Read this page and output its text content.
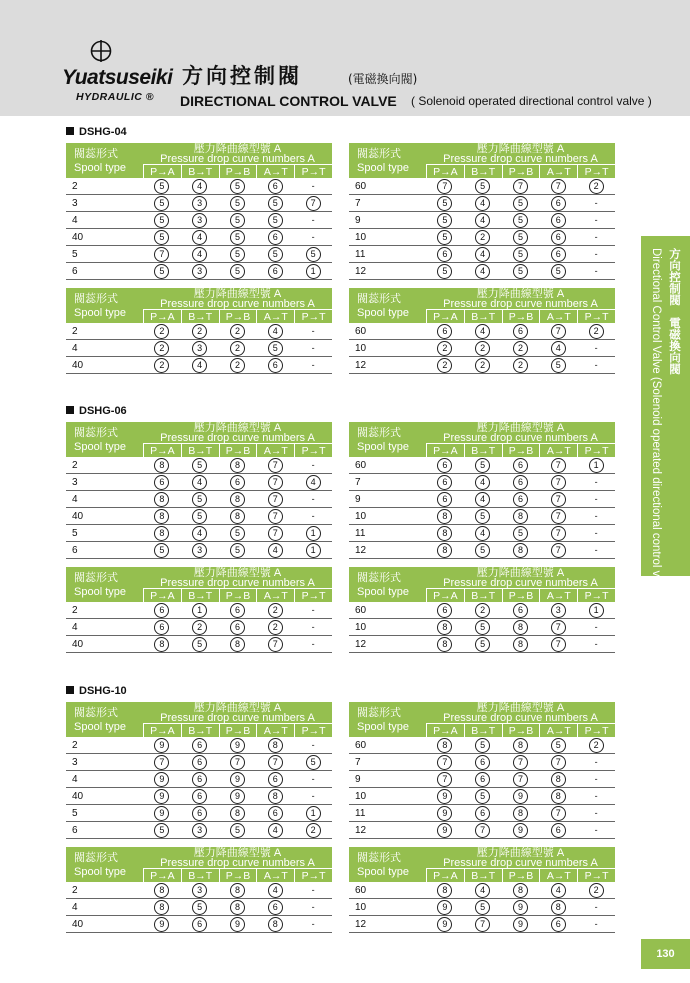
Yuatsuseiki
HYDRAULIC ®
方向控制閥	(電磁換向閥)
DIRECTIONAL CONTROL VALVE ( Solenoid operated directional control valve )
DSHG-04
閥蕊形式
Spool type
壓力降曲線型號 A
Pressure drop curve numbers A
P→A	B→T	P→B	A→T	P→T
2	5	4	5	6	-
3	5	3	5	5	7
4	5	3	5	5	-
40	5	4	5	6	-
5	7	4	5	5	5
6	5	3	5	6	1
閥蕊形式
Spool type
壓力降曲線型號 A
Pressure drop curve numbers A
P→A	B→T	P→B	A→T	P→T
60	7	5	7	7	2
7	5	4	5	6	-
9	5	4	5	6	-
10	5	2	5	6	-
11	6	4	5	6	-
12	5	4	5	5	-
閥蕊形式
Spool type
壓力降曲線型號 A
Pressure drop curve numbers A
P→A	B→T	P→B	A→T	P→T
2	2	2	2	4	-
4	2	3	2	5	-
40	2	4	2	6	-
閥蕊形式
Spool type
壓力降曲線型號 A
Pressure drop curve numbers A
P→A	B→T	P→B	A→T	P→T
60	6	4	6	7	2
10	2	2	2	4	-
12	2	2	2	5	-
DSHG-06
閥蕊形式
Spool type
壓力降曲線型號 A
Pressure drop curve numbers A
P→A	B→T	P→B	A→T	P→T
2	8	5	8	7	-
3	6	4	6	7	4
4	8	5	8	7	-
40	8	5	8	7	-
5	8	4	5	7	1
6	5	3	5	4	1
閥蕊形式
Spool type
壓力降曲線型號 A
Pressure drop curve numbers A
P→A	B→T	P→B	A→T	P→T
60	6	5	6	7	1
7	6	4	6	7	-
9	6	4	6	7	-
10	8	5	8	7	-
11	8	4	5	7	-
12	8	5	8	7	-
閥蕊形式
Spool type
壓力降曲線型號 A
Pressure drop curve numbers A
P→A	B→T	P→B	A→T	P→T
2	6	1	6	2	-
4	6	2	6	2	-
40	8	5	8	7	-
閥蕊形式
Spool type
壓力降曲線型號 A
Pressure drop curve numbers A
P→A	B→T	P→B	A→T	P→T
60	6	2	6	3	1
10	8	5	8	7	-
12	8	5	8	7	-
DSHG-10
閥蕊形式
Spool type
壓力降曲線型號 A
Pressure drop curve numbers A
P→A	B→T	P→B	A→T	P→T
2	9	6	9	8	-
3	7	6	7	7	5
4	9	6	9	6	-
40	9	6	9	8	-
5	9	6	8	6	1
6	5	3	5	4	2
閥蕊形式
Spool type
壓力降曲線型號 A
Pressure drop curve numbers A
P→A	B→T	P→B	A→T	P→T
60	8	5	8	5	2
7	7	6	7	7	-
9	7	6	7	8	-
10	9	5	9	8	-
11	9	6	8	7	-
12	9	7	9	6	-
閥蕊形式
Spool type
壓力降曲線型號 A
Pressure drop curve numbers A
P→A	B→T	P→B	A→T	P→T
2	8	3	8	4	-
4	8	5	8	6	-
40	9	6	9	8	-
閥蕊形式
Spool type
壓力降曲線型號 A
Pressure drop curve numbers A
P→A	B→T	P→B	A→T	P→T
60	8	4	8	4	2
10	9	5	9	8	-
12	9	7	9	6	-
方向控制閥　電磁換向閥
Directional Control Valve (Solenoid operated directional control valve)
130
